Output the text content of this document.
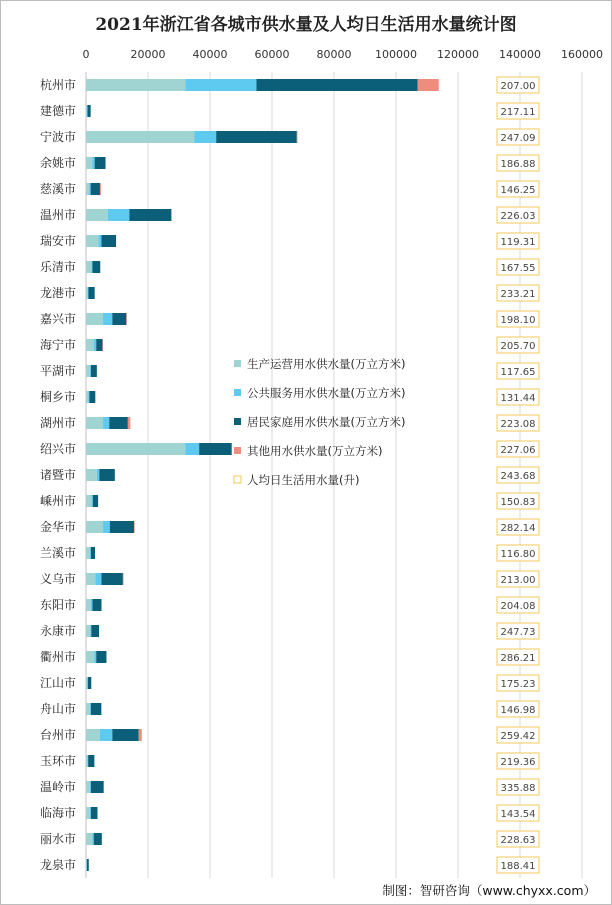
2021年浙江省各城市供水量及人均日生活用水量统计图
0	20000 40000 60000 80000 100000 120000 140000 160000
杭州市
建德市
宁波市
余姚市
慈溪市
温州市
瑞安市
乐清市
龙港市
嘉兴市
海宁市
平湖市
桐乡市
湖州市
绍兴市
诸暨市
嵊州市
金华市
兰溪市
义乌市
东阳市
永康市
衢州市
江山市
舟山市
台州市
玉环市
温岭市
临海市
丽水市
龙泉市
207.00
217.11
247.09
186.88
146.25
226.03
119.31
167.55
233.21
198.10
205.70
117.65
131.44
223.08
227.06
243.68
150.83
282.14
116.80
213.00
204.08
247.73
286.21
175.23
146.98
259.42
219.36
335.88
143.54
228.63
188.41
生产运营用水供水量(万立方米)
公共服务用水供水量(万立方米)
居民家庭用水供水量(万立方米)
其他用水供水量(万立方米)
人均日生活用水量(升)
制图：智研咨询（www.chyxx.com）
